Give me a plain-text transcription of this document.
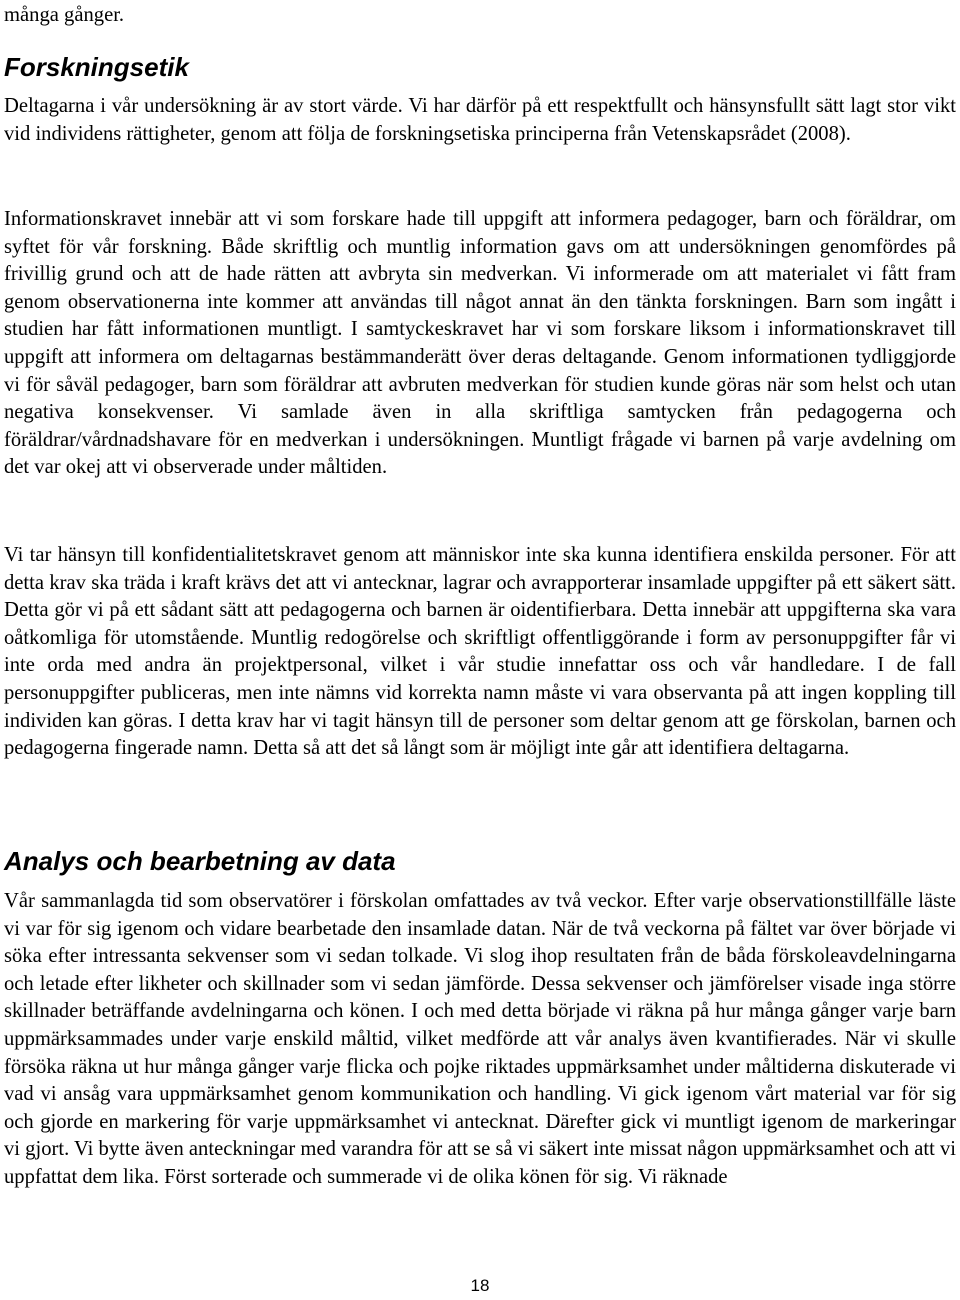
många gånger.

Forskningsetik

Deltagarna i vår undersökning är av stort värde. Vi har därför på ett respektfullt och hänsynsfullt sätt lagt stor vikt vid individens rättigheter, genom att följa de forskningsetiska principerna från Vetenskapsrådet (2008).

Informationskravet innebär att vi som forskare hade till uppgift att informera pedagoger, barn och föräldrar, om syftet för vår forskning. Både skriftlig och muntlig information gavs om att undersökningen genomfördes på frivillig grund och att de hade rätten att avbryta sin medverkan. Vi informerade om att materialet vi fått fram genom observationerna inte kommer att användas till något annat än den tänkta forskningen. Barn som ingått i studien har fått informationen muntligt. I samtyckeskravet har vi som forskare liksom i informationskravet till uppgift att informera om deltagarnas bestämmanderätt över deras deltagande. Genom informationen tydliggjorde vi för såväl pedagoger, barn som föräldrar att avbruten medverkan för studien kunde göras när som helst och utan negativa konsekvenser. Vi samlade även in alla skriftliga samtycken från pedagogerna och föräldrar/vårdnadshavare för en medverkan i undersökningen. Muntligt frågade vi barnen på varje avdelning om det var okej att vi observerade under måltiden.

Vi tar hänsyn till konfidentialitetskravet genom att människor inte ska kunna identifiera enskilda personer. För att detta krav ska träda i kraft krävs det att vi antecknar, lagrar och avrapporterar insamlade uppgifter på ett säkert sätt. Detta gör vi på ett sådant sätt att pedagogerna och barnen är oidentifierbara. Detta innebär att uppgifterna ska vara oåtkomliga för utomstående. Muntlig redogörelse och skriftligt offentliggörande i form av personuppgifter får vi inte orda med andra än projektpersonal, vilket i vår studie innefattar oss och vår handledare. I de fall personuppgifter publiceras, men inte nämns vid korrekta namn måste vi vara observanta på att ingen koppling till individen kan göras. I detta krav har vi tagit hänsyn till de personer som deltar genom att ge förskolan, barnen och pedagogerna fingerade namn. Detta så att det så långt som är möjligt inte går att identifiera deltagarna.

Analys och bearbetning av data

Vår sammanlagda tid som observatörer i förskolan omfattades av två veckor. Efter varje observationstillfälle läste vi var för sig igenom och vidare bearbetade den insamlade datan. När de två veckorna på fältet var över började vi söka efter intressanta sekvenser som vi sedan tolkade. Vi slog ihop resultaten från de båda förskoleavdelningarna och letade efter likheter och skillnader som vi sedan jämförde. Dessa sekvenser och jämförelser visade inga större skillnader beträffande avdelningarna och könen. I och med detta började vi räkna på hur många gånger varje barn uppmärksammades under varje enskild måltid, vilket medförde att vår analys även kvantifierades. När vi skulle försöka räkna ut hur många gånger varje flicka och pojke riktades uppmärksamhet under måltiderna diskuterade vi vad vi ansåg vara uppmärksamhet genom kommunikation och handling. Vi gick igenom vårt material var för sig och gjorde en markering för varje uppmärksamhet vi antecknat. Därefter gick vi muntligt igenom de markeringar vi gjort. Vi bytte även anteckningar med varandra för att se så vi säkert inte missat någon uppmärksamhet och att vi uppfattat dem lika. Först sorterade och summerade vi de olika könen för sig. Vi räknade

18
